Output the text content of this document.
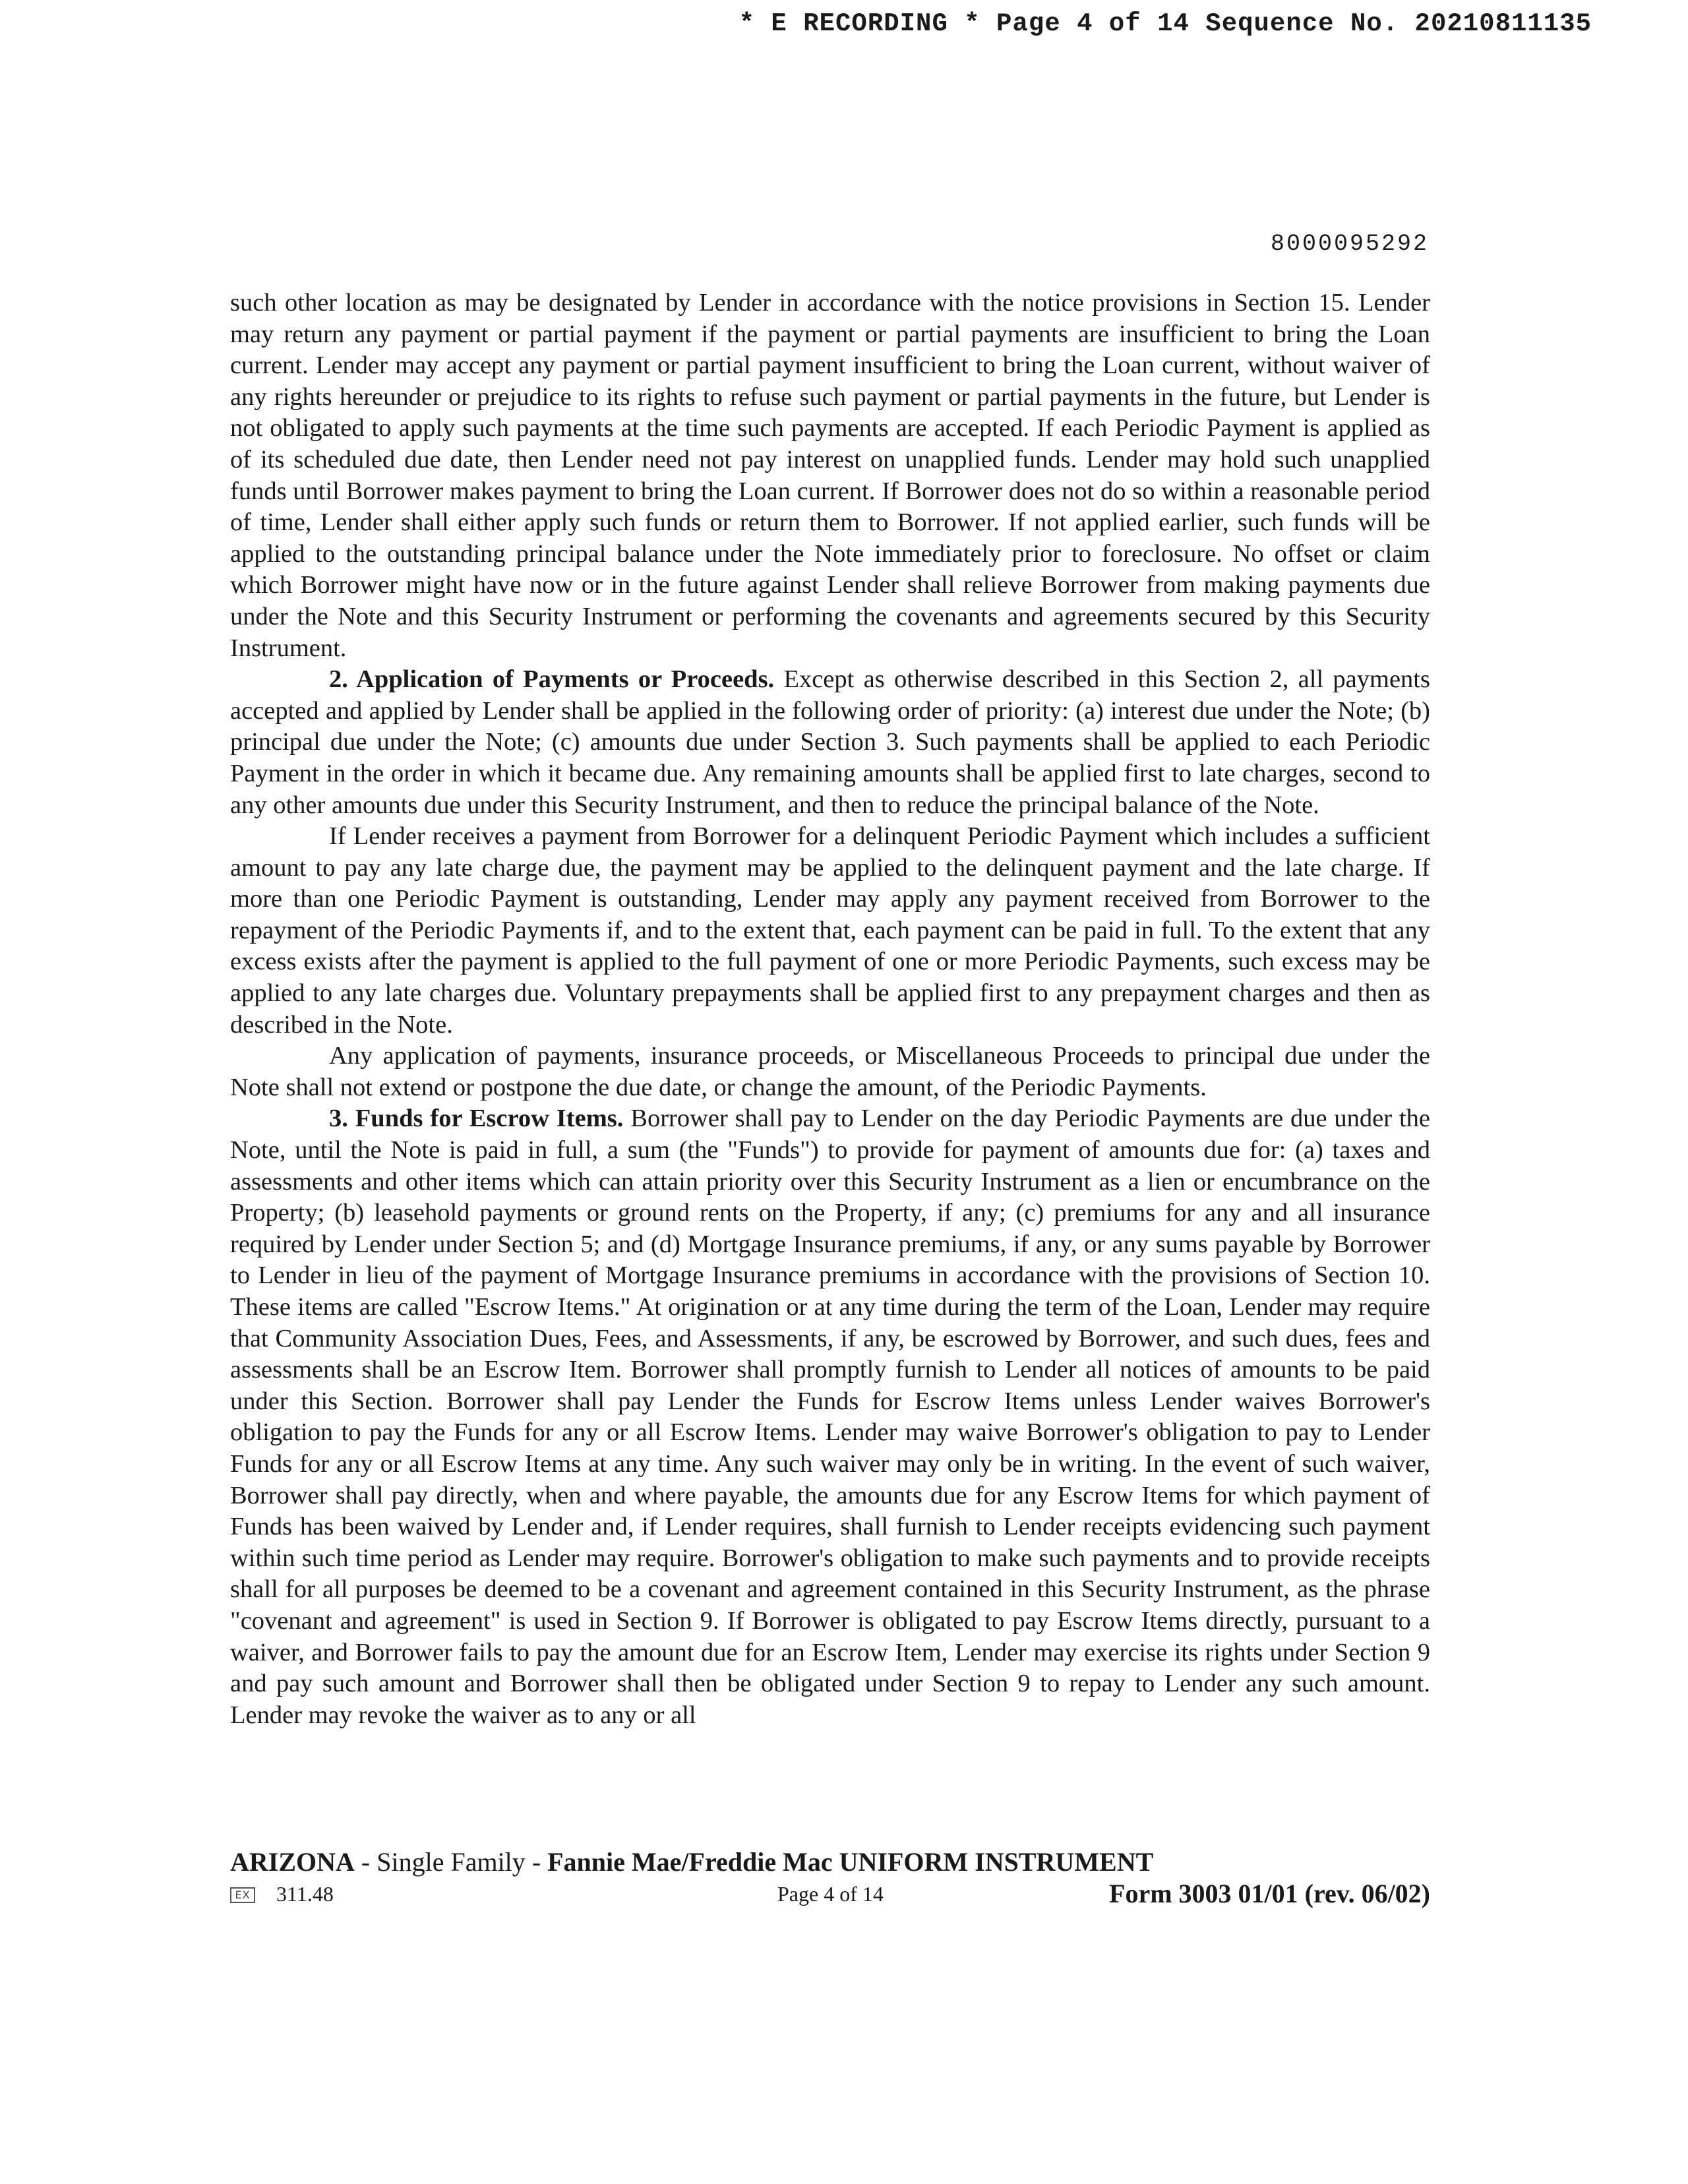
* E RECORDING * Page 4 of 14 Sequence No. 20210811135
8000095292

such other location as may be designated by Lender in accordance with the notice provisions in Section 15. Lender may return any payment or partial payment if the payment or partial payments are insufficient to bring the Loan current. Lender may accept any payment or partial payment insufficient to bring the Loan current, without waiver of any rights hereunder or prejudice to its rights to refuse such payment or partial payments in the future, but Lender is not obligated to apply such payments at the time such payments are accepted. If each Periodic Payment is applied as of its scheduled due date, then Lender need not pay interest on unapplied funds. Lender may hold such unapplied funds until Borrower makes payment to bring the Loan current. If Borrower does not do so within a reasonable period of time, Lender shall either apply such funds or return them to Borrower. If not applied earlier, such funds will be applied to the outstanding principal balance under the Note immediately prior to foreclosure. No offset or claim which Borrower might have now or in the future against Lender shall relieve Borrower from making payments due under the Note and this Security Instrument or performing the covenants and agreements secured by this Security Instrument.

2. Application of Payments or Proceeds. Except as otherwise described in this Section 2, all payments accepted and applied by Lender shall be applied in the following order of priority: (a) interest due under the Note; (b) principal due under the Note; (c) amounts due under Section 3. Such payments shall be applied to each Periodic Payment in the order in which it became due. Any remaining amounts shall be applied first to late charges, second to any other amounts due under this Security Instrument, and then to reduce the principal balance of the Note.

If Lender receives a payment from Borrower for a delinquent Periodic Payment which includes a sufficient amount to pay any late charge due, the payment may be applied to the delinquent payment and the late charge. If more than one Periodic Payment is outstanding, Lender may apply any payment received from Borrower to the repayment of the Periodic Payments if, and to the extent that, each payment can be paid in full. To the extent that any excess exists after the payment is applied to the full payment of one or more Periodic Payments, such excess may be applied to any late charges due. Voluntary prepayments shall be applied first to any prepayment charges and then as described in the Note.

Any application of payments, insurance proceeds, or Miscellaneous Proceeds to principal due under the Note shall not extend or postpone the due date, or change the amount, of the Periodic Payments.

3. Funds for Escrow Items. Borrower shall pay to Lender on the day Periodic Payments are due under the Note, until the Note is paid in full, a sum (the "Funds") to provide for payment of amounts due for: (a) taxes and assessments and other items which can attain priority over this Security Instrument as a lien or encumbrance on the Property; (b) leasehold payments or ground rents on the Property, if any; (c) premiums for any and all insurance required by Lender under Section 5; and (d) Mortgage Insurance premiums, if any, or any sums payable by Borrower to Lender in lieu of the payment of Mortgage Insurance premiums in accordance with the provisions of Section 10. These items are called "Escrow Items." At origination or at any time during the term of the Loan, Lender may require that Community Association Dues, Fees, and Assessments, if any, be escrowed by Borrower, and such dues, fees and assessments shall be an Escrow Item. Borrower shall promptly furnish to Lender all notices of amounts to be paid under this Section. Borrower shall pay Lender the Funds for Escrow Items unless Lender waives Borrower's obligation to pay the Funds for any or all Escrow Items. Lender may waive Borrower's obligation to pay to Lender Funds for any or all Escrow Items at any time. Any such waiver may only be in writing. In the event of such waiver, Borrower shall pay directly, when and where payable, the amounts due for any Escrow Items for which payment of Funds has been waived by Lender and, if Lender requires, shall furnish to Lender receipts evidencing such payment within such time period as Lender may require. Borrower's obligation to make such payments and to provide receipts shall for all purposes be deemed to be a covenant and agreement contained in this Security Instrument, as the phrase "covenant and agreement" is used in Section 9. If Borrower is obligated to pay Escrow Items directly, pursuant to a waiver, and Borrower fails to pay the amount due for an Escrow Item, Lender may exercise its rights under Section 9 and pay such amount and Borrower shall then be obligated under Section 9 to repay to Lender any such amount. Lender may revoke the waiver as to any or all

ARIZONA - Single Family - Fannie Mae/Freddie Mac UNIFORM INSTRUMENT
EX 311.48	Page 4 of 14	Form 3003 01/01 (rev. 06/02)
